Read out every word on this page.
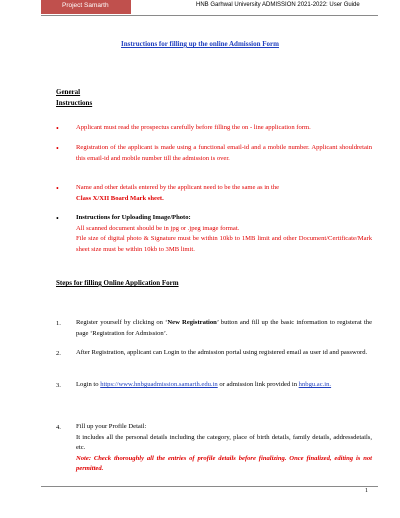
Project Samarth	HNB Garhwal University ADMISSION 2021-2022: User Guide
Instructions for filling up the online Admission Form
General
Instructions
•	Applicant must read the prospectus carefully before filling the on - line application form.
•	Registration of the applicant is made using a functional email-id and a mobile number. Applicant shouldretain this email-id and mobile number till the admission is over.
•	Name and other details entered by the applicant need to be the same as in the
Class X/XII Board Mark sheet.
•	Instructions for Uploading Image/Photo:
All scanned document should be in jpg or .jpeg image format.
File size of digital photo & Signature must be within 10kb to 1MB limit and other Document/Certificate/Mark sheet size must be within 10kb to 3MB limit.
Steps for filling Online Application Form
1. Register yourself by clicking on ‘New Registration’ button and fill up the basic information to registerat the page ‘Registration for Admission’.
2. After Registration, applicant can Login to the admission portal using registered email as user id and password.
3. Login to https://www.hnbguadmission.samarth.edu.in or admission link provided in hnbgu.ac.in.
4. Fill up your Profile Detail:
It includes all the personal details including the category, place of birth details, family details, addressdetails, etc.
Note: Check thoroughly all the entries of profile details before finalizing. Once finalized, editing is not permitted.
1
